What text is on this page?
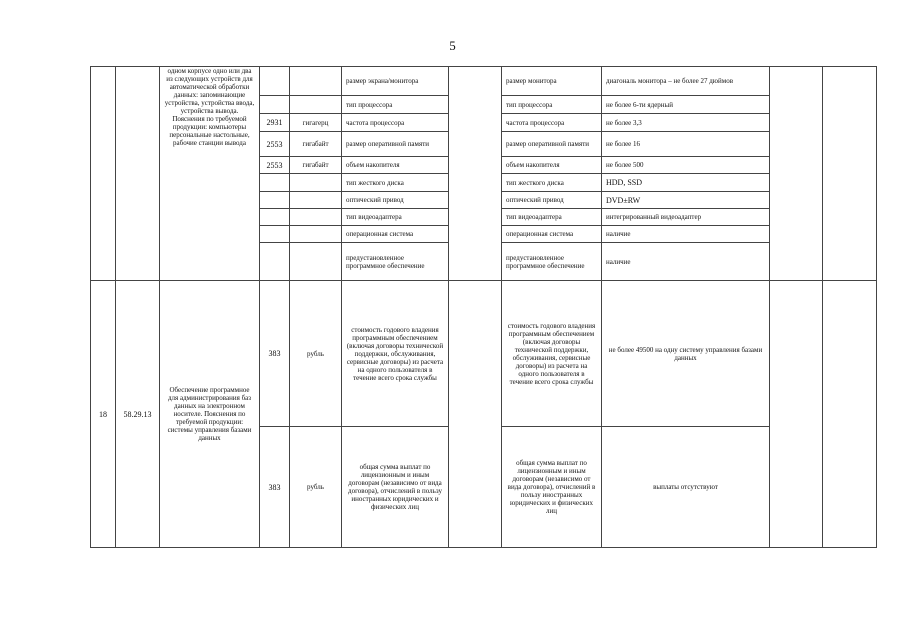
5
		одном корпусе одно или два из следующих устройств для автоматической обработки данных: запоминающие устройства, устройства ввода, устройства вывода. Пояснения по требуемой продукции: компьютеры персональные настольные, рабочие станции вывода			размер экрана/монитора		размер монитора	диагональ монитора – не более 27 дюймов		
					тип процессора		тип процессора	не более 6-ти ядерный		
			2931	гигагерц	частота процессора		частота процессора	не более 3,3		
			2553	гигабайт	размер оперативной памяти		размер оперативной памяти	не более 16		
			2553	гигабайт	объем накопителя		объем накопителя	не более 500		
					тип жесткого диска		тип жесткого диска	HDD, SSD		
					оптический привод		оптический привод	DVD±RW		
					тип видеоадаптера		тип видеоадаптера	интегрированный видеоадаптер		
					операционная система		операционная система	наличие		
					предустановленное программное обеспечение		предустановленное программное обеспечение	наличие		
18	58.29.13	Обеспечение программное для администрирования баз данных на электронном носителе. Пояснения по требуемой продукции: системы управления базами данных	383	рубль	стоимость годового владения программным обеспечением (включая договоры технической поддержки, обслуживания, сервисные договоры) из расчета на одного пользователя в течение всего срока службы		стоимость годового владения программным обеспечением (включая договоры технической поддержки, обслуживания, сервисные договоры) из расчета на одного пользователя в течение всего срока службы	не более 49500 на одну систему управления базами данных		
			383	рубль	общая сумма выплат по лицензионным и иным договорам (независимо от вида договора), отчислений в пользу иностранных юридических и физических лиц		общая сумма выплат по лицензионным и иным договорам (независимо от вида договора), отчислений в пользу иностранных юридических и физических лиц	выплаты отсутствуют		
